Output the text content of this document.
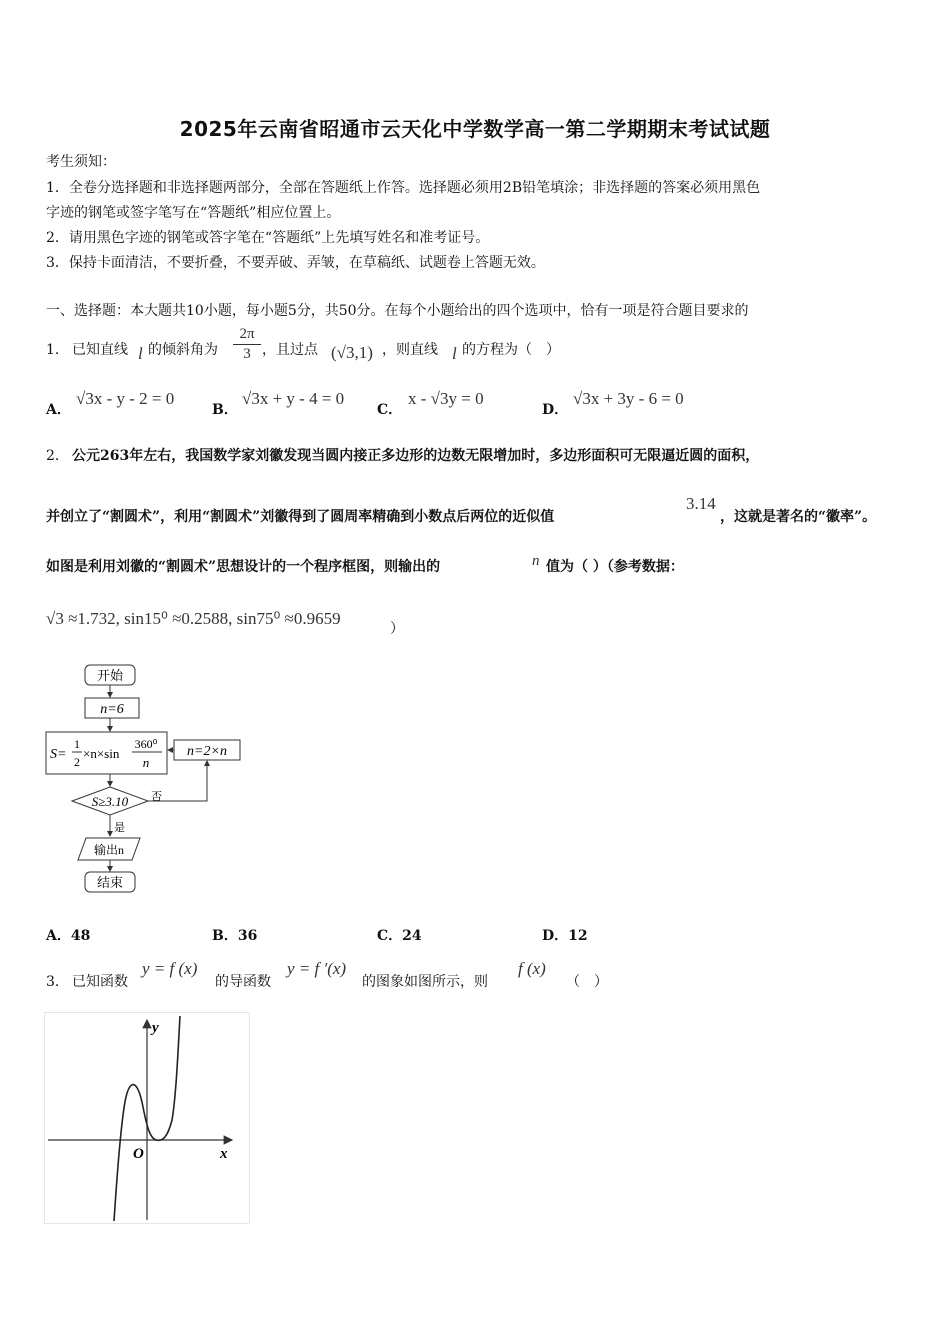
2025年云南省昭通市云天化中学数学高一第二学期期末考试试题
考生须知：
1．全卷分选择题和非选择题两部分，全部在答题纸上作答。选择题必须用2B铅笔填涂；非选择题的答案必须用黑色
字迹的钢笔或签字笔写在“答题纸”相应位置上。
2．请用黑色字迹的钢笔或答字笔在“答题纸”上先填写姓名和准考证号。
3．保持卡面清洁，不要折叠，不要弄破、弄皱，在草稿纸、试题卷上答题无效。
一、选择题：本大题共10小题，每小题5分，共50分。在每个小题给出的四个选项中，恰有一项是符合题目要求的
1． 已知直线 l 的倾斜角为
2π
3 ，且过点 (√3,1) ，则直线 l 的方程为（　）
A．
√3x - y - 2 = 0
B．
√3x + y - 4 = 0
C．
x - √3y = 0
D．
√3x + 3y - 6 = 0
2． 公元263年左右，我国数学家刘徽发现当圆内接正多边形的边数无限增加时，多边形面积可无限逼近圆的面积，
并创立了“割圆术”，利用“割圆术”刘徽得到了圆周率精确到小数点后两位的近似值
3.14
，这就是著名的“徽率”。
如图是利用刘徽的“割圆术”思想设计的一个程序框图，则输出的	n 值为（ ）（参考数据：
√3 ≈1.732, sin15⁰ ≈0.2588, sin75⁰ ≈0.9659
）
开始
n=6
S=
1
2
×n×sin
360⁰
n
n=2×n
S≥3.10 否
是
输出n
结束
A．48	B．36	C．24	D．12
3． 已知函数
y = f (x)
的导函数
y = f ′(x)
的图象如图所示，则
f (x)
（　）
y
x
O
